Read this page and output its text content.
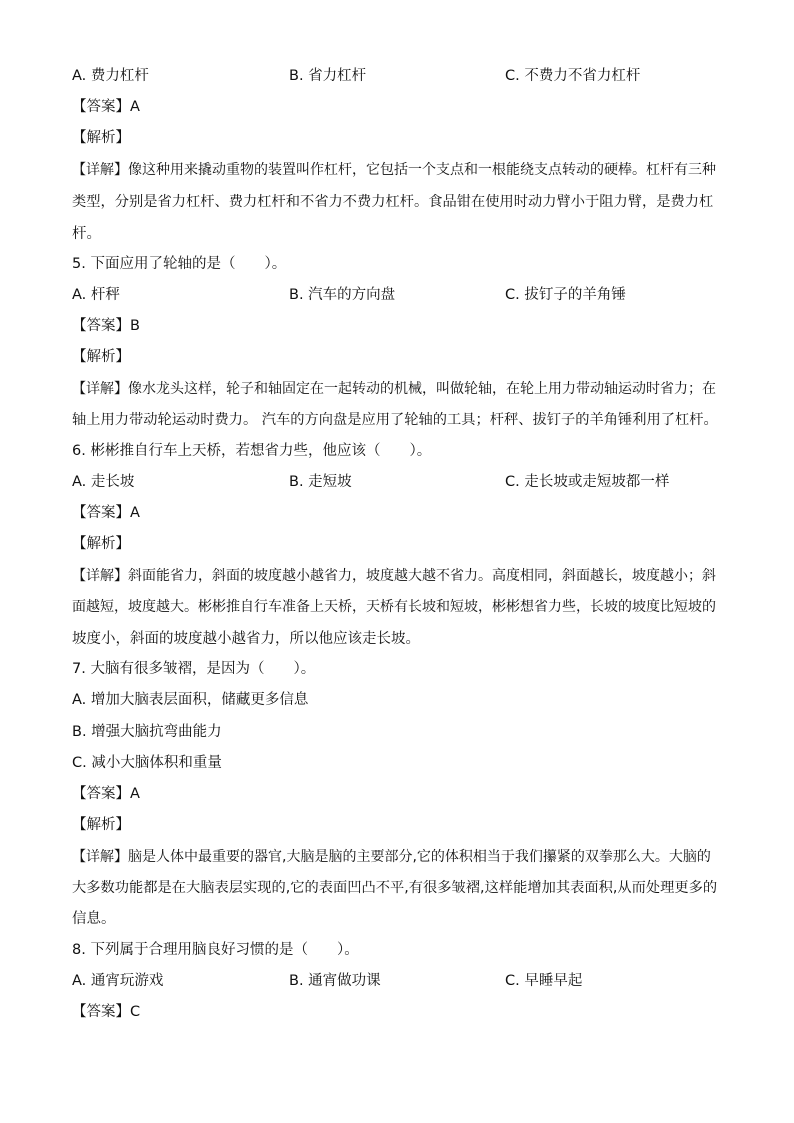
A. 费力杠杆	B. 省力杠杆	C. 不费力不省力杠杆
【答案】A
【解析】
【详解】像这种用来撬动重物的装置叫作杠杆，它包括一个支点和一根能绕支点转动的硬棒。杠杆有三种
类型，分别是省力杠杆、费力杠杆和不省力不费力杠杆。食品钳在使用时动力臂小于阻力臂，是费力杠
杆。
5. 下面应用了轮轴的是（　　）。
A. 杆秤	B. 汽车的方向盘	C. 拔钉子的羊角锤
【答案】B
【解析】
【详解】像水龙头这样，轮子和轴固定在一起转动的机械，叫做轮轴，在轮上用力带动轴运动时省力；在
轴上用力带动轮运动时费力。 汽车的方向盘是应用了轮轴的工具；杆秤、拔钉子的羊角锤利用了杠杆。
6. 彬彬推自行车上天桥，若想省力些，他应该（　　）。
A. 走长坡	B. 走短坡	C. 走长坡或走短坡都一样
【答案】A
【解析】
【详解】斜面能省力，斜面的坡度越小越省力，坡度越大越不省力。高度相同，斜面越长，坡度越小；斜
面越短，坡度越大。彬彬推自行车准备上天桥，天桥有长坡和短坡，彬彬想省力些，长坡的坡度比短坡的
坡度小，斜面的坡度越小越省力，所以他应该走长坡。
7. 大脑有很多皱褶，是因为（　　）。
A. 增加大脑表层面积，储藏更多信息
B. 增强大脑抗弯曲能力
C. 减小大脑体积和重量
【答案】A
【解析】
【详解】脑是人体中最重要的器官,大脑是脑的主要部分,它的体积相当于我们攥紧的双拳那么大。大脑的
大多数功能都是在大脑表层实现的,它的表面凹凸不平,有很多皱褶,这样能增加其表面积,从而处理更多的
信息。
8. 下列属于合理用脑良好习惯的是（　　）。
A. 通宵玩游戏	B. 通宵做功课	C. 早睡早起
【答案】C
